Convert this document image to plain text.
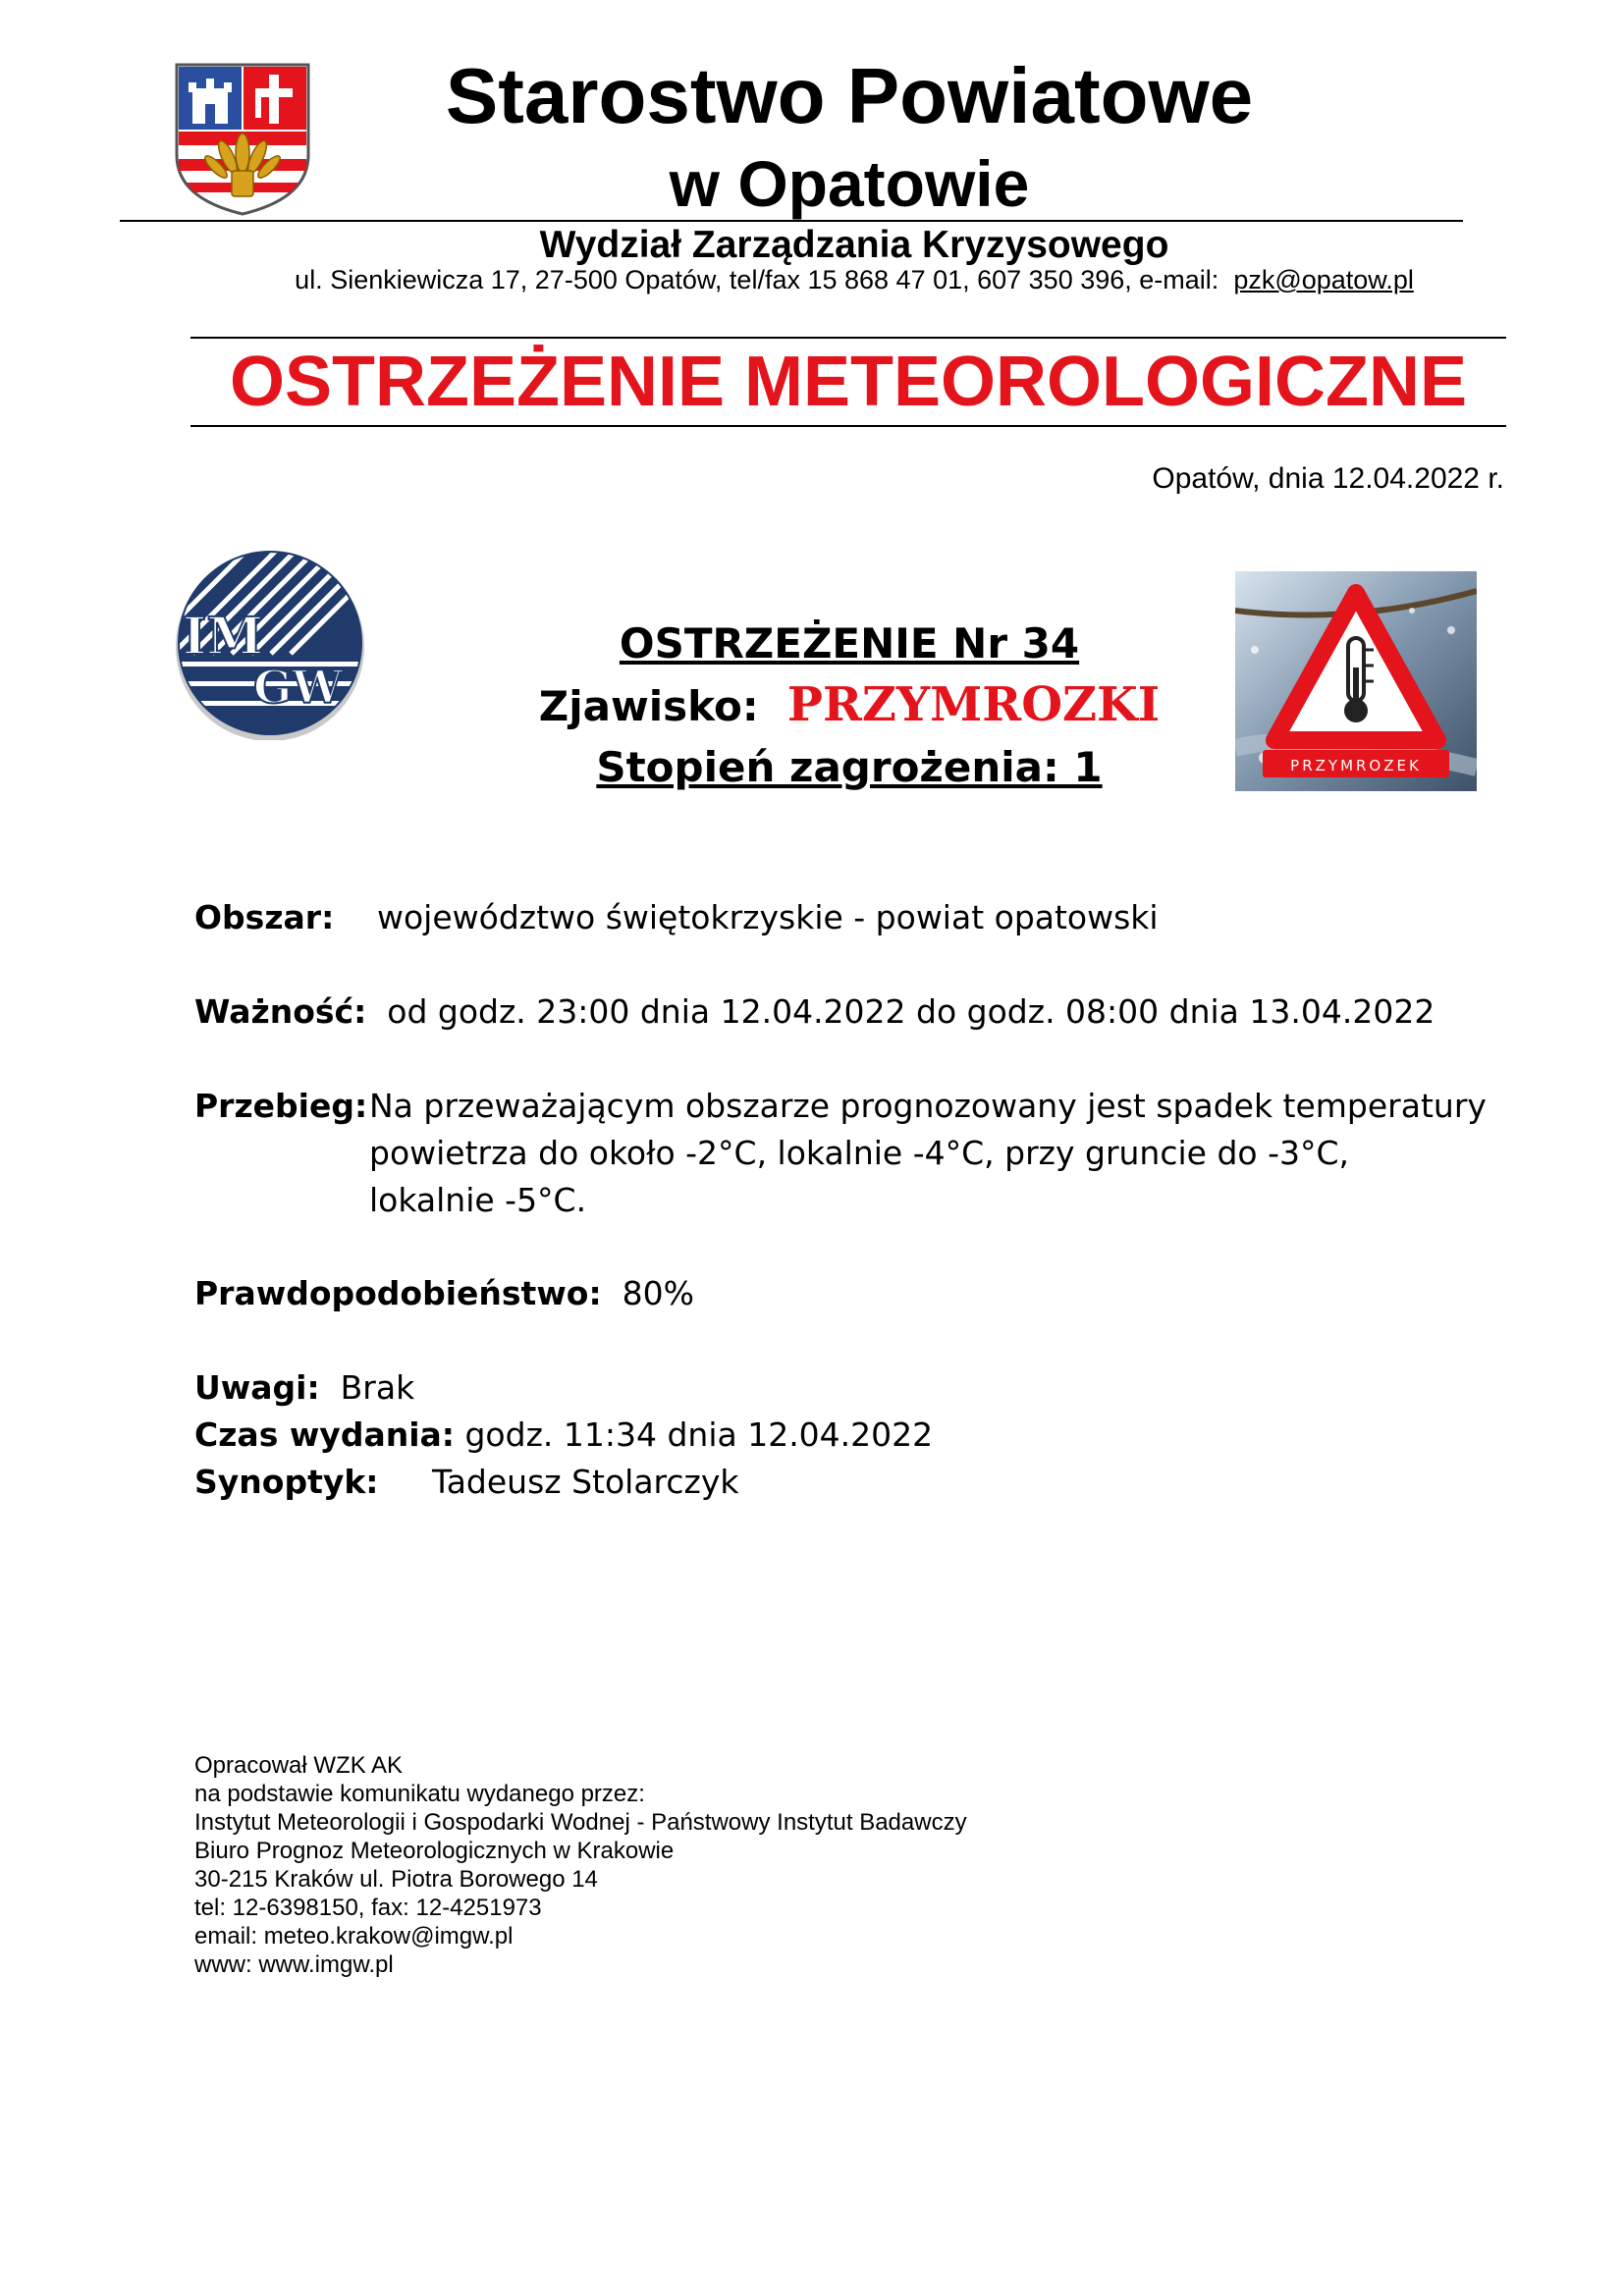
Starostwo Powiatowe
w Opatowie
Wydział Zarządzania Kryzysowego
ul. Sienkiewicza 17, 27-500 Opatów, tel/fax 15 868 47 01, 607 350 396, e-mail: pzk@opatow.pl
OSTRZEŻENIE METEOROLOGICZNE
Opatów, dnia 12.04.2022 r.
IM
GW
OSTRZEŻENIE Nr 34
Zjawisko: PRZYMROZKI
Stopień zagrożenia: 1	PRZYMROZEK
Obszar: województwo świętokrzyskie - powiat opatowski
Ważność: od godz. 23:00 dnia 12.04.2022 do godz. 08:00 dnia 13.04.2022
Przebieg: Na przeważającym obszarze prognozowany jest spadek temperatury
powietrza do około -2°C, lokalnie -4°C, przy gruncie do -3°C,
lokalnie -5°C.
Prawdopodobieństwo: 80%
Uwagi: Brak
Czas wydania: godz. 11:34 dnia 12.04.2022
Synoptyk: Tadeusz Stolarczyk
Opracował WZK AK
na podstawie komunikatu wydanego przez:
Instytut Meteorologii i Gospodarki Wodnej - Państwowy Instytut Badawczy
Biuro Prognoz Meteorologicznych w Krakowie
30-215 Kraków ul. Piotra Borowego 14
tel: 12-6398150, fax: 12-4251973
email: meteo.krakow@imgw.pl
www: www.imgw.pl
